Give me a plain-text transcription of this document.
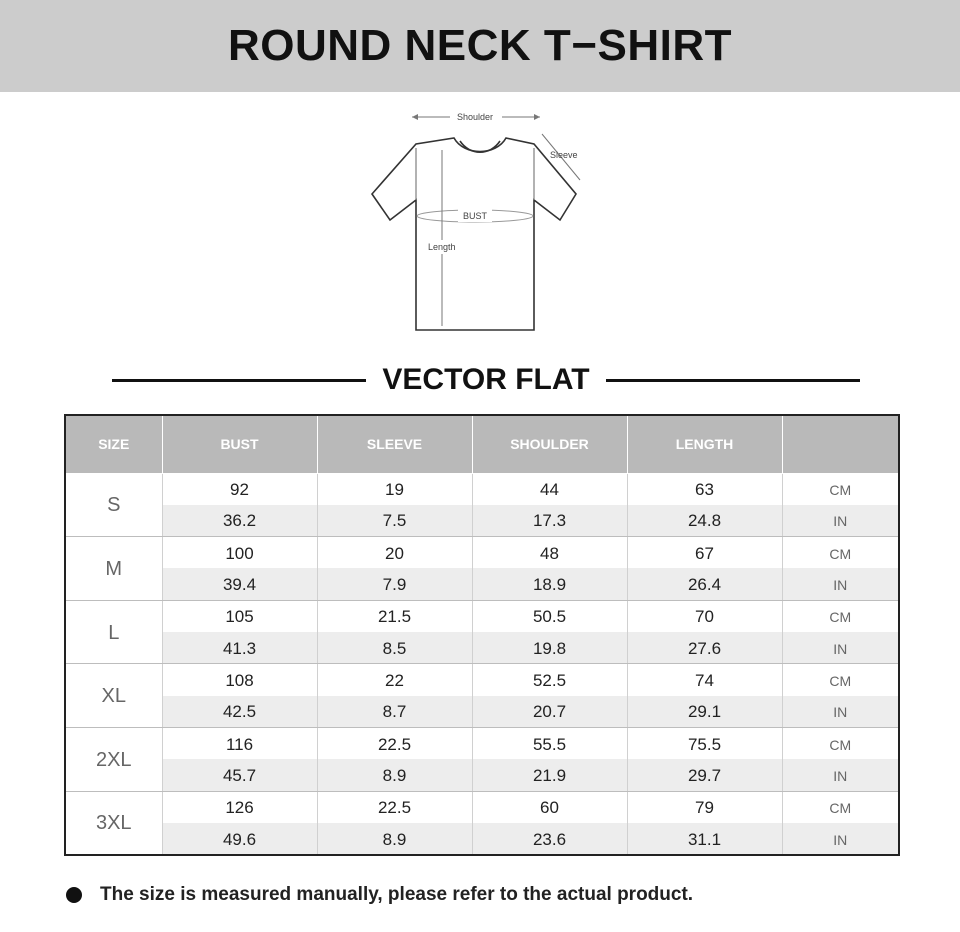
ROUND NECK T−SHIRT
Shoulder
Sleeve
BUST
Length
VECTOR FLAT
SIZE	BUST	SLEEVE	SHOULDER	LENGTH	
S	92	19	44	63	CM
	36.2	7.5	17.3	24.8	IN
M	100	20	48	67	CM
	39.4	7.9	18.9	26.4	IN
L	105	21.5	50.5	70	CM
	41.3	8.5	19.8	27.6	IN
XL	108	22	52.5	74	CM
	42.5	8.7	20.7	29.1	IN
2XL	116	22.5	55.5	75.5	CM
	45.7	8.9	21.9	29.7	IN
3XL	126	22.5	60	79	CM
	49.6	8.9	23.6	31.1	IN
The size is measured manually, please refer to the actual product.
